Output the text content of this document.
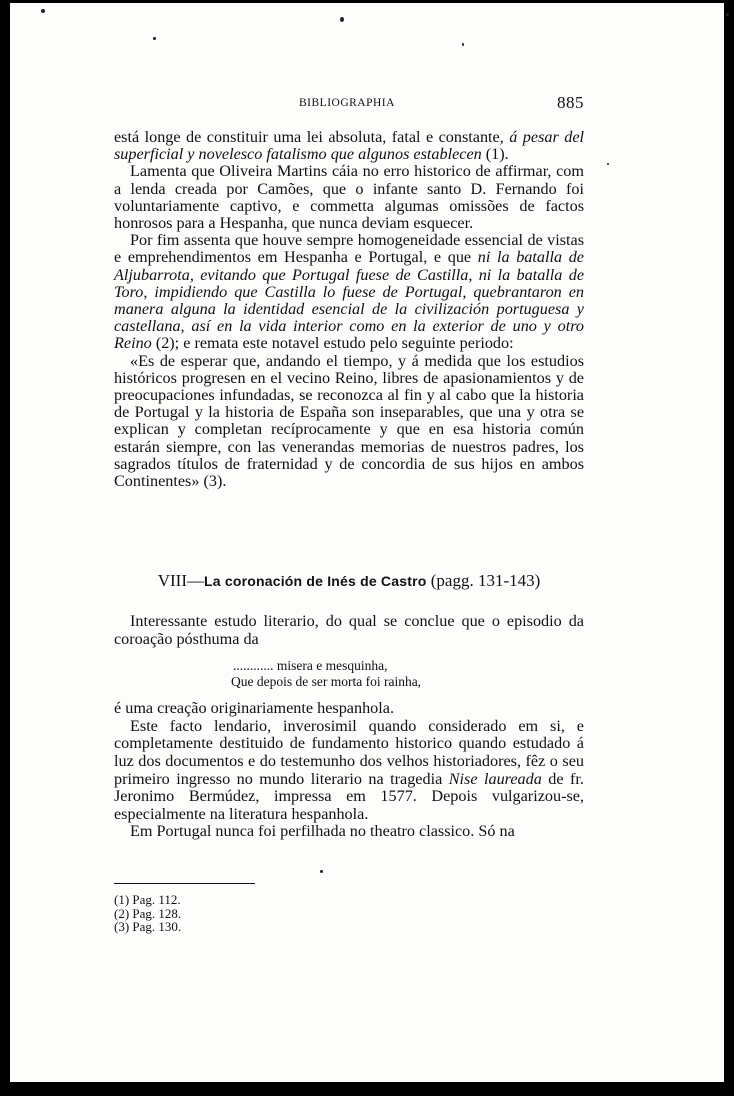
BIBLIOGRAPHIA	885

está longe de constituir uma lei absoluta, fatal e constante, á pesar del superficial y novelesco fatalismo que algunos establecen (1).

Lamenta que Oliveira Martins cáia no erro historico de affirmar, com a lenda creada por Camões, que o infante santo D. Fernando foi voluntariamente captivo, e commetta algumas omissões de factos honrosos para a Hespanha, que nunca deviam esquecer.

Por fim assenta que houve sempre homogeneidade essencial de vistas e emprehendimentos em Hespanha e Portugal, e que ni la batalla de Aljubarrota, evitando que Portugal fuese de Castilla, ni la batalla de Toro, impidiendo que Castilla lo fuese de Portugal, quebrantaron en manera alguna la identidad esencial de la civilización portuguesa y castellana, así en la vida interior como en la exterior de uno y otro Reino (2); e remata este notavel estudo pelo seguinte periodo:

«Es de esperar que, andando el tiempo, y á medida que los estudios históricos progresen en el vecino Reino, libres de apasionamientos y de preocupaciones infundadas, se reconozca al fin y al cabo que la historia de Portugal y la historia de España son inseparables, que una y otra se explican y completan recíprocamente y que en esa historia común estarán siempre, con las venerandas memorias de nuestros padres, los sagrados títulos de fraternidad y de concordia de sus hijos en ambos Continentes» (3).

VIII—La coronación de Inés de Castro (pagg. 131-143)

Interessante estudo literario, do qual se conclue que o episodio da coroação pósthuma da

............ misera e mesquinha,
Que depois de ser morta foi rainha,

é uma creação originariamente hespanhola.

Este facto lendario, inverosimil quando considerado em si, e completamente destituido de fundamento historico quando estudado á luz dos documentos e do testemunho dos velhos historiadores, fêz o seu primeiro ingresso no mundo literario na tragedia Nise laureada de fr. Jeronimo Bermúdez, impressa em 1577. Depois vulgarizou-se, especialmente na literatura hespanhola.

Em Portugal nunca foi perfilhada no theatro classico. Só na

(1) Pag. 112.
(2) Pag. 128.
(3) Pag. 130.
